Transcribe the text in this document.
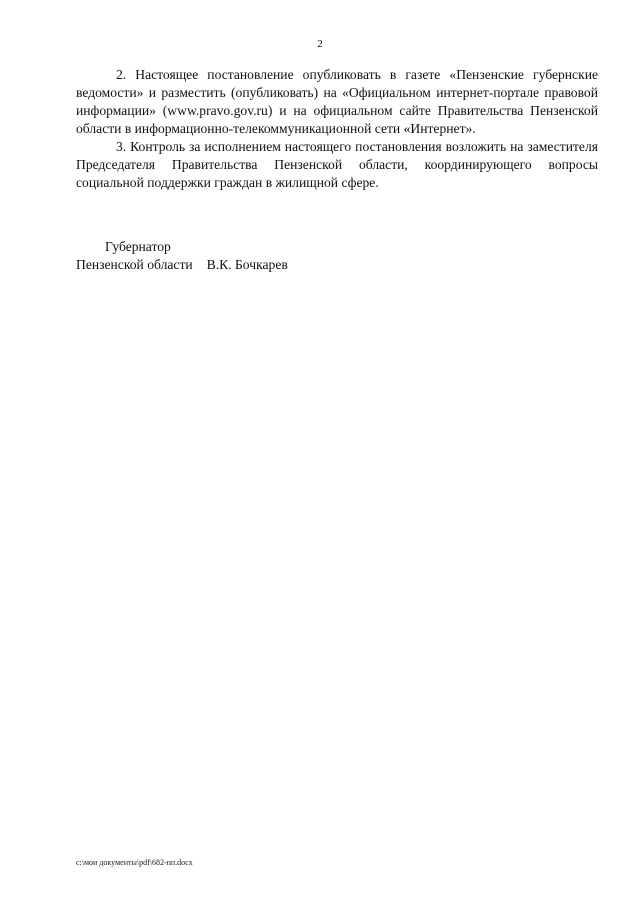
2

2. Настоящее постановление опубликовать в газете «Пензенские губернские ведомости» и разместить (опубликовать) на «Официальном интернет-портале правовой информации» (www.pravo.gov.ru) и на официальном сайте Правительства Пензенской области в информационно-телекоммуникационной сети «Интернет».

3. Контроль за исполнением настоящего постановления возложить на заместителя Председателя Правительства Пензенской области, координирующего вопросы социальной поддержки граждан в жилищной сфере.

Губернатор
Пензенской области В.К. Бочкарев
c:\мои документы\pdf\682-пп.docx
